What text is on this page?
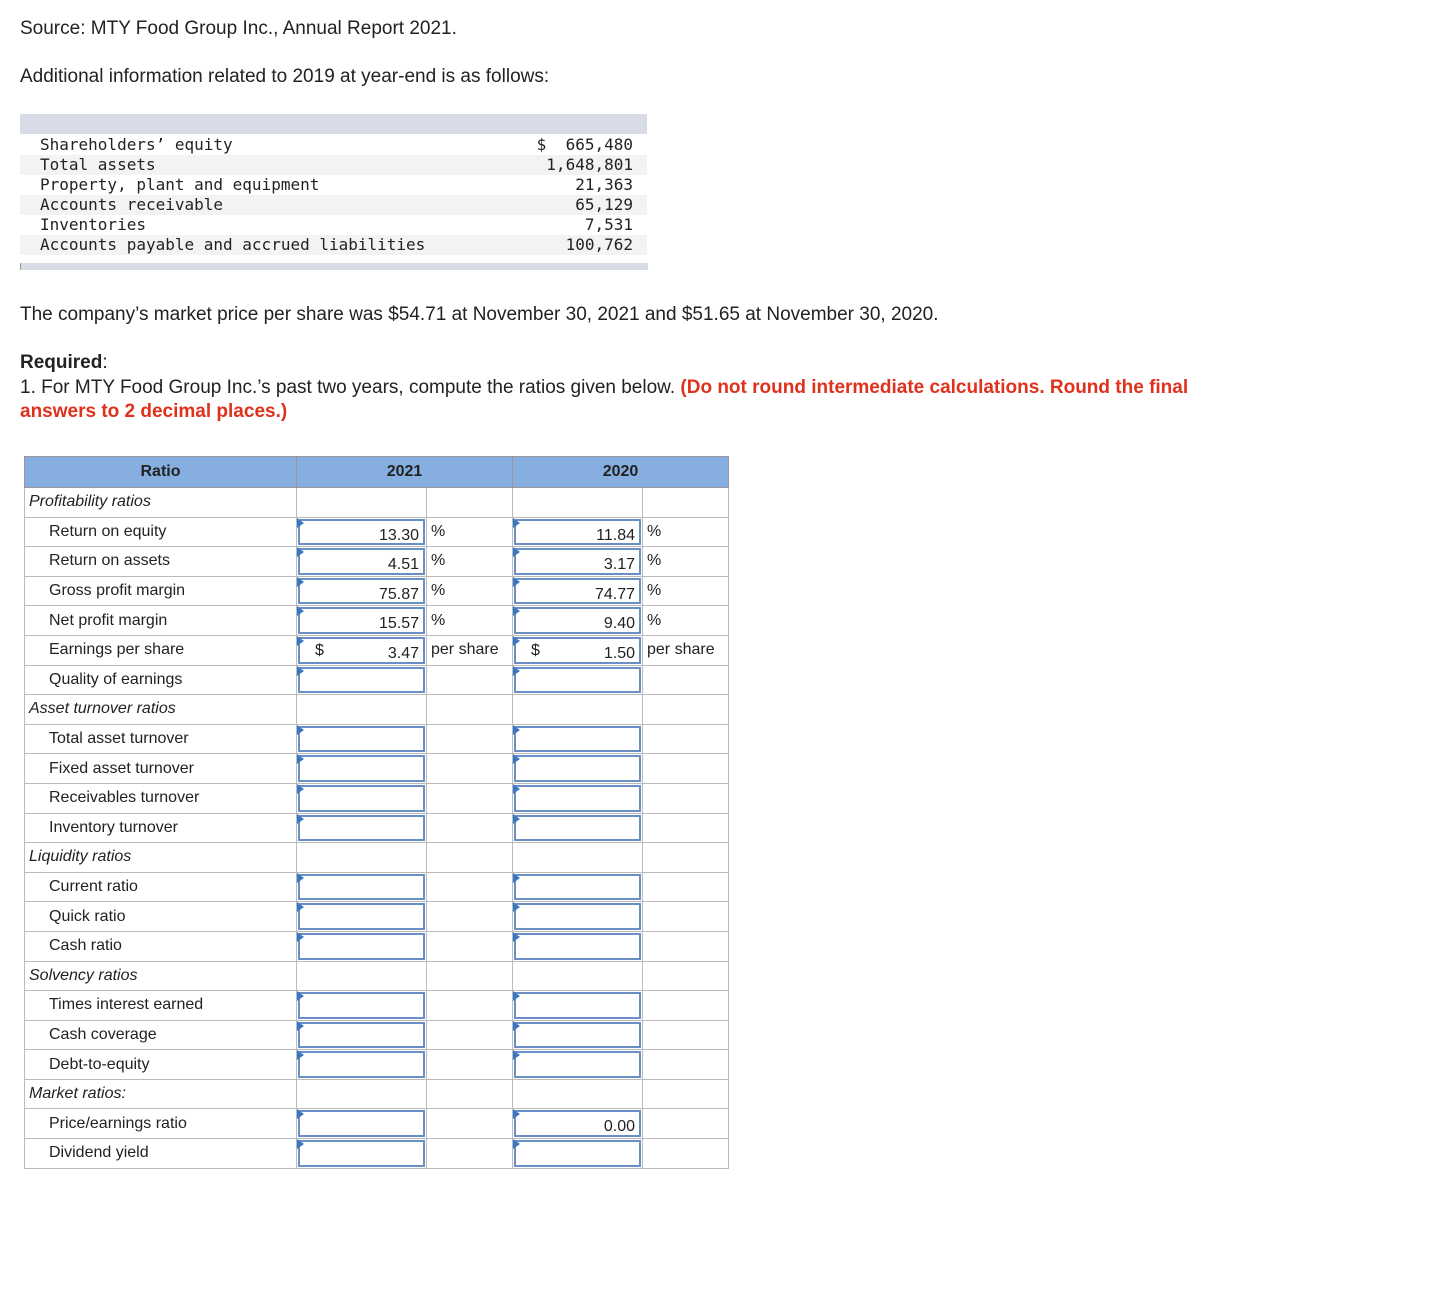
Source: MTY Food Group Inc., Annual Report 2021.

Additional information related to 2019 at year-end is as follows:

Shareholders’ equity	$  665,480
Total assets	1,648,801
Property, plant and equipment	21,363
Accounts receivable	65,129
Inventories	7,531
Accounts payable and accrued liabilities	100,762

The company’s market price per share was $54.71 at November 30, 2021 and $51.65 at November 30, 2020.

Required:

1. For MTY Food Group Inc.’s past two years, compute the ratios given below. (Do not round intermediate calculations. Round the final answers to 2 decimal places.)

Ratio	2021		2020	
Profitability ratios				
Return on equity	13.30	%	11.84	%
Return on assets	4.51	%	3.17	%
Gross profit margin	75.87	%	74.77	%
Net profit margin	15.57	%	9.40	%
Earnings per share	$ 3.47	per share	$ 1.50	per share
Quality of earnings	

Asset turnover ratios				
Total asset turnover	

Fixed asset turnover	

Receivables turnover	

Inventory turnover	

Liquidity ratios				
Current ratio	

Quick ratio	

Cash ratio	

Solvency ratios				
Times interest earned	

Cash coverage	

Debt-to-equity	

Market ratios:				
Price/earnings ratio			0.00	

Dividend yield	
